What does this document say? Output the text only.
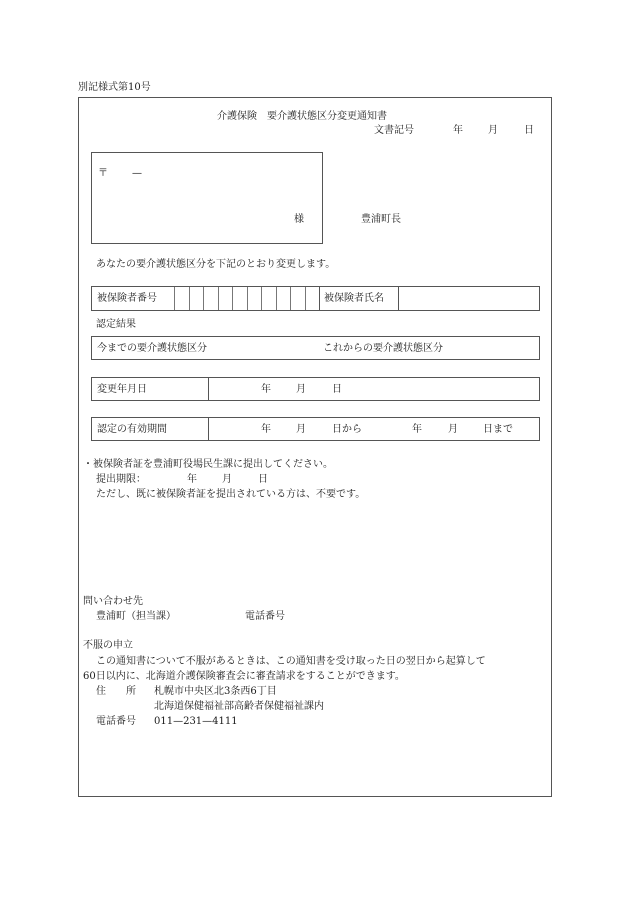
別記様式第10号
介護保険　要介護状態区分変更通知書
文書記号	年	月	日
〒 —
様	豊浦町長
あなたの要介護状態区分を下記のとおり変更します。
被保険者番号	被保険者氏名
認定結果
今までの要介護状態区分	これからの要介護状態区分
変更年月日	年	月	日
認定の有効期間	年	月	日から	年	月	日まで
・被保険者証を豊浦町役場民生課に提出してください。
提出期限：	年	月	日
ただし、既に被保険者証を提出されている方は、不要です。
問い合わせ先
豊浦町（担当課）	電話番号
不服の申立
この通知書について不服があるときは、この通知書を受け取った日の翌日から起算して
60日以内に、北海道介護保険審査会に審査請求をすることができます。
住　　所 札幌市中央区北3条西6丁目
北海道保健福祉部高齢者保健福祉課内
電話番号 011—231—4111
